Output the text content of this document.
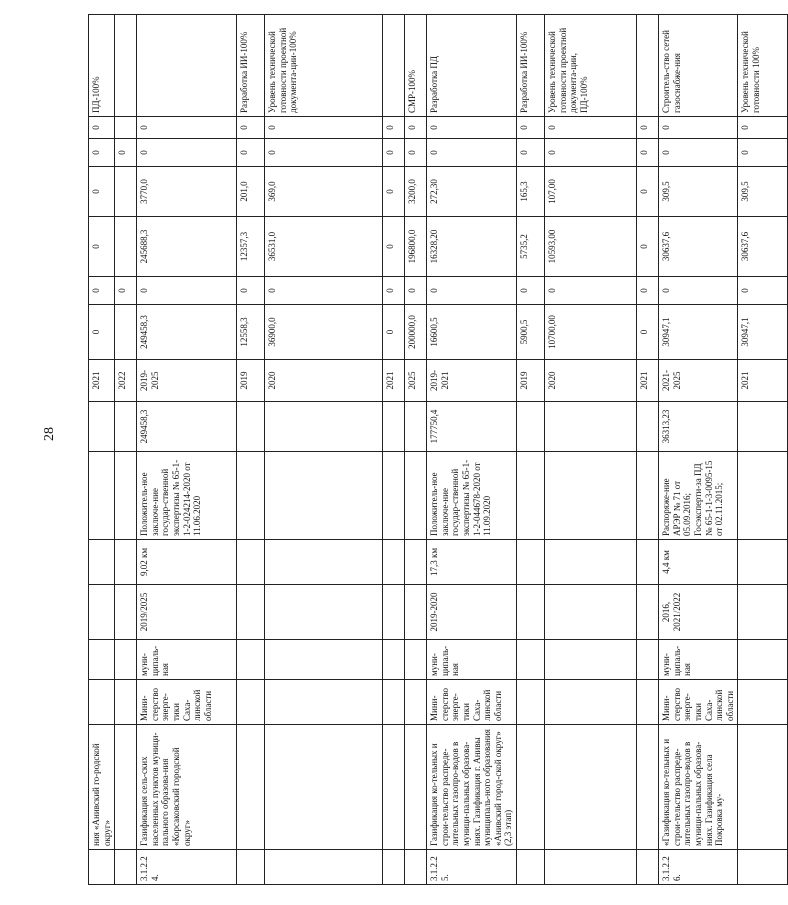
28
	ния «Анивский го-родской округ»							2021	0	0	0	0	0	0	ПД-100%
								2022		0			0		
3.1.2.24.	Газификация сель-ских населенных пунктов муници-пального образова-ния «Корсаковский городской округ»	Мини-стерство энерге-тики Саха-линской области	муни-ципаль-ная	2019/2025	9,02 км	Положитель-ное заключе-ние государ-ственной экспертизы № 65-1-1-2-024214-2020 от 11.06.2020	249458,3	2019-2025	249458,3	0	245688,3	3770,0	0	0	
								2019	12558,3	0	12357,3	201,0	0	0	Разработка ИИ-100%
								2020	36900,0	0	36531,0	369,0	0	0	Уровень технической готовности проектной документа-ции-100%
								2021	0	0	0	0	0	0	
								2025	200000,0	0	196800,0	3200,0	0	0	СМР-100%
3.1.2.25.	Газификация ко-тельных и строи-тельство распреде-лительных газопро-водов в муници-пальных образова-ниях. Газификация г. Анивы муниципаль-ного образования «Анивский город-ской округ» (2,3 этап)	Мини-стерство энерге-тики Саха-линской области	муни-ципаль-ная	2019-2020	17,3 км	Положитель-ное заключе-ние государ-ственной экспертизы № 65-1-1-2-044678-2020 от 11.09.2020	177750,4	2019-2021	16600,5	0	16328,20	272,30	0	0	Разработка ПД
								2019	5900,5	0	5735,2	165,3	0	0	Разработка ИИ-100%
								2020	10700,00	0	10593,00	107,00	0	0	Уровень технической готовности проектной документа-ции, ПД-100%
								2021	0	0	0	0	0	0	
3.1.2.26.	«Газификация ко-тельных и строи-тельство распреде-лительных газопро-водов в муници-пальных образова-ниях. Газификация села Покровка му-	Мини-стерство энерге-тики Саха-линской области	муни-ципаль-ная	2016, 2021/2022	4,4 км	Распоряже-ние АРЭР № 71 от 05.09.2016; Госэксперти-за ПД № 65-1-1-3-0095-15 от 02.11.2015;	36313,23	2021-2025	30947,1	0	30637,6	309,5	0	0	Строитель-ство сетей газоснабже-ния
								2021	30947,1	0	30637,6	309,5	0	0	Уровень технической готовности 100%
